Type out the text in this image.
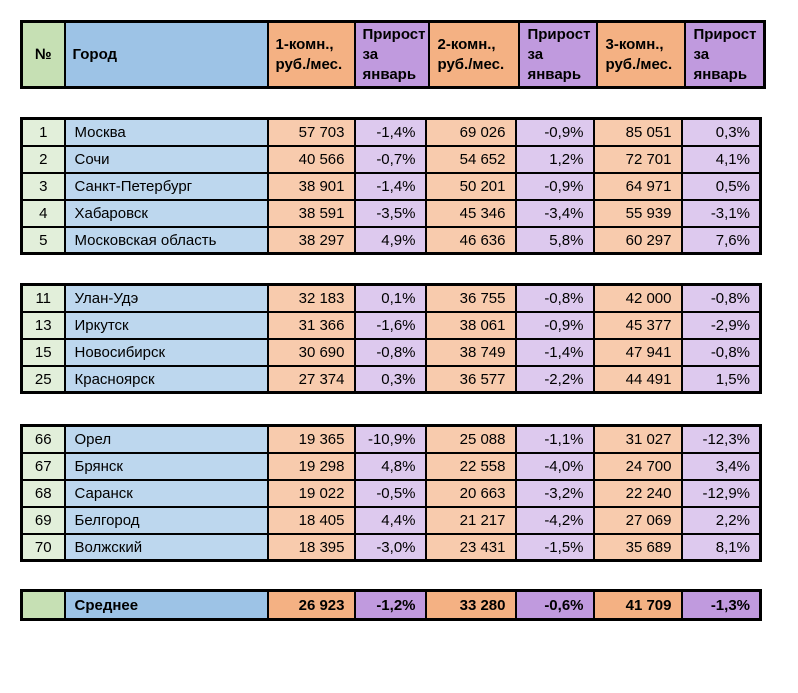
№	Город	1-комн., руб./мес.	Прирост за январь	2-комн., руб./мес.	Прирост за январь	3-комн., руб./мес.	Прирост за январь
1	Москва	57 703	-1,4%	69 026	-0,9%	85 051	0,3%
2	Сочи	40 566	-0,7%	54 652	1,2%	72 701	4,1%
3	Санкт-Петербург	38 901	-1,4%	50 201	-0,9%	64 971	0,5%
4	Хабаровск	38 591	-3,5%	45 346	-3,4%	55 939	-3,1%
5	Московская область	38 297	4,9%	46 636	5,8%	60 297	7,6%
11	Улан-Удэ	32 183	0,1%	36 755	-0,8%	42 000	-0,8%
13	Иркутск	31 366	-1,6%	38 061	-0,9%	45 377	-2,9%
15	Новосибирск	30 690	-0,8%	38 749	-1,4%	47 941	-0,8%
25	Красноярск	27 374	0,3%	36 577	-2,2%	44 491	1,5%
66	Орел	19 365	-10,9%	25 088	-1,1%	31 027	-12,3%
67	Брянск	19 298	4,8%	22 558	-4,0%	24 700	3,4%
68	Саранск	19 022	-0,5%	20 663	-3,2%	22 240	-12,9%
69	Белгород	18 405	4,4%	21 217	-4,2%	27 069	2,2%
70	Волжский	18 395	-3,0%	23 431	-1,5%	35 689	8,1%
	Среднее	26 923	-1,2%	33 280	-0,6%	41 709	-1,3%
